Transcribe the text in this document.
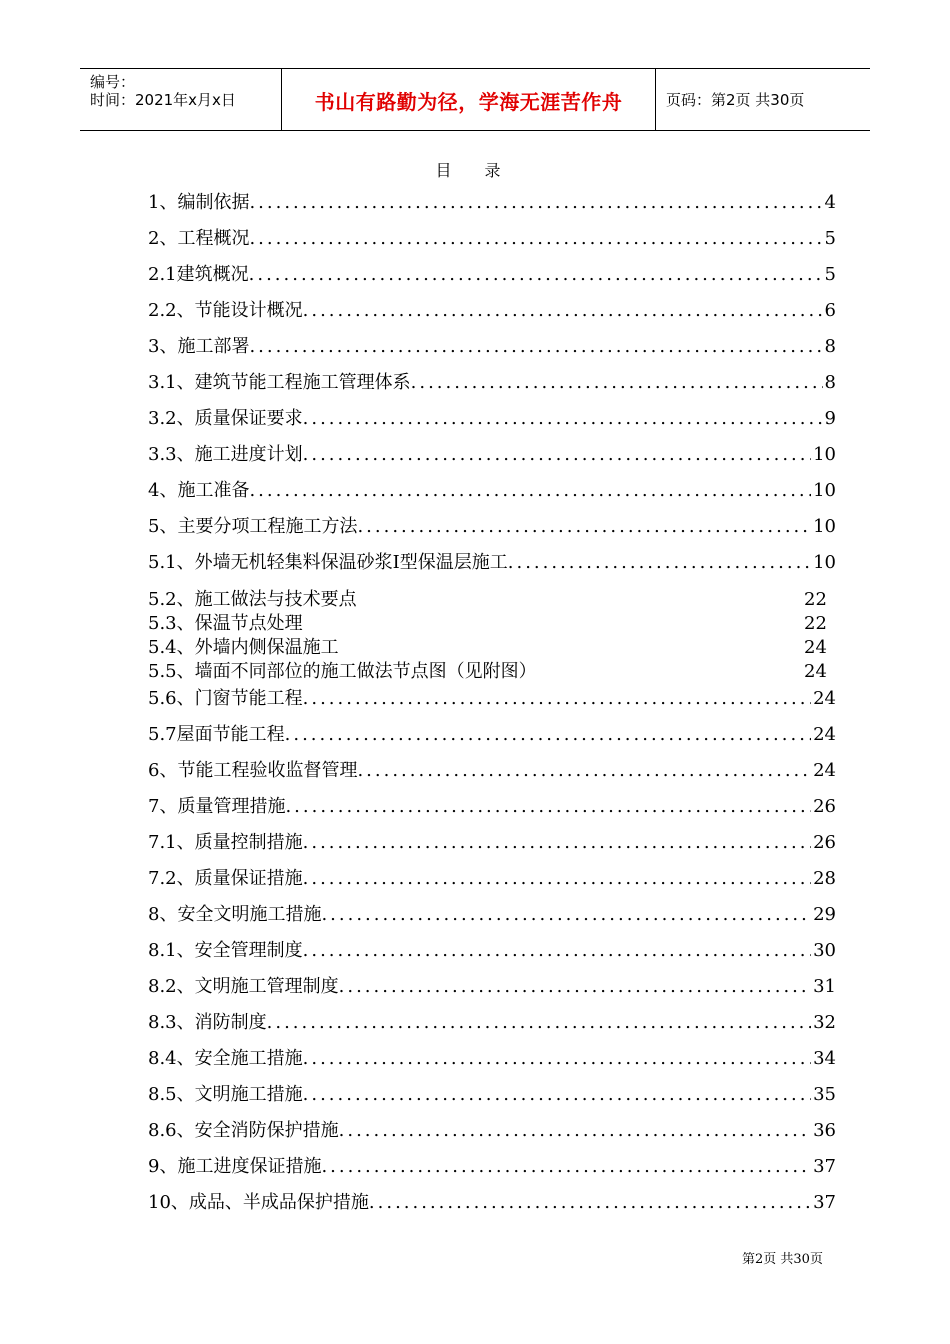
编号：
时间：2021年x月x日	书山有路勤为径，学海无涯苦作舟	页码：第2页 共30页
目 录
1、编制依据 .....	4
2、工程概况 .....	5
2.1建筑概况 .....	5
2.2、节能设计概况 .....	6
3、施工部署 .....	8
3.1、建筑节能工程施工管理体系 .....	8
3.2、质量保证要求 .....	9
3.3、施工进度计划 .....	10
4、施工准备 .....	10
5、主要分项工程施工方法 .....	10
5.1、外墙无机轻集料保温砂浆Ⅰ型保温层施工 .....	10
5.2、施工做法与技术要点	22
5.3、保温节点处理	22
5.4、外墙内侧保温施工	24
5.5、墙面不同部位的施工做法节点图（见附图）	24
5.6、门窗节能工程 .....	24
5.7屋面节能工程 .....	24
6、节能工程验收监督管理 .....	24
7、质量管理措施 .....	26
7.1、质量控制措施 .....	26
7.2、质量保证措施 .....	28
8、安全文明施工措施 .....	29
8.1、安全管理制度 .....	30
8.2、文明施工管理制度 .....	31
8.3、消防制度 .....	32
8.4、安全施工措施 .....	34
8.5、文明施工措施 .....	35
8.6、安全消防保护措施 .....	36
9、施工进度保证措施 .....	37
10、成品、半成品保护措施 .....	37
第2页 共30页
